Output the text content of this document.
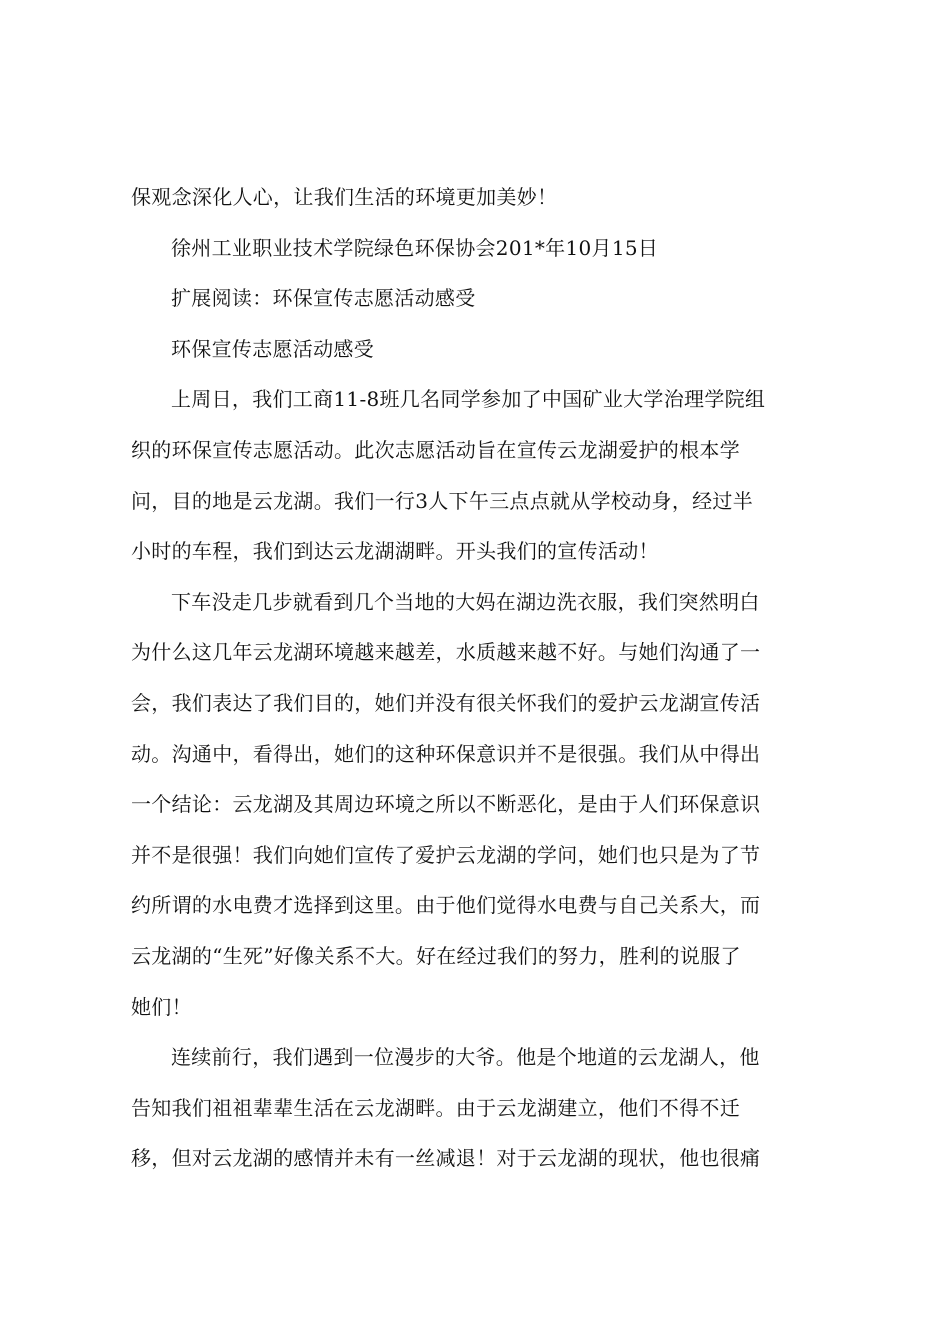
保观念深化人心，让我们生活的环境更加美妙！
徐州工业职业技术学院绿色环保协会201*年10月15日
扩展阅读：环保宣传志愿活动感受
环保宣传志愿活动感受
上周日，我们工商11-8班几名同学参加了中国矿业大学治理学院组
织的环保宣传志愿活动。此次志愿活动旨在宣传云龙湖爱护的根本学
问，目的地是云龙湖。我们一行3人下午三点点就从学校动身，经过半
小时的车程，我们到达云龙湖湖畔。开头我们的宣传活动！
下车没走几步就看到几个当地的大妈在湖边洗衣服，我们突然明白
为什么这几年云龙湖环境越来越差，水质越来越不好。与她们沟通了一
会，我们表达了我们目的，她们并没有很关怀我们的爱护云龙湖宣传活
动。沟通中，看得出，她们的这种环保意识并不是很强。我们从中得出
一个结论：云龙湖及其周边环境之所以不断恶化，是由于人们环保意识
并不是很强！我们向她们宣传了爱护云龙湖的学问，她们也只是为了节
约所谓的水电费才选择到这里。由于他们觉得水电费与自己关系大，而
云龙湖的“生死”好像关系不大。好在经过我们的努力，胜利的说服了
她们！
连续前行，我们遇到一位漫步的大爷。他是个地道的云龙湖人，他
告知我们祖祖辈辈生活在云龙湖畔。由于云龙湖建立，他们不得不迁
移，但对云龙湖的感情并未有一丝减退！对于云龙湖的现状，他也很痛
